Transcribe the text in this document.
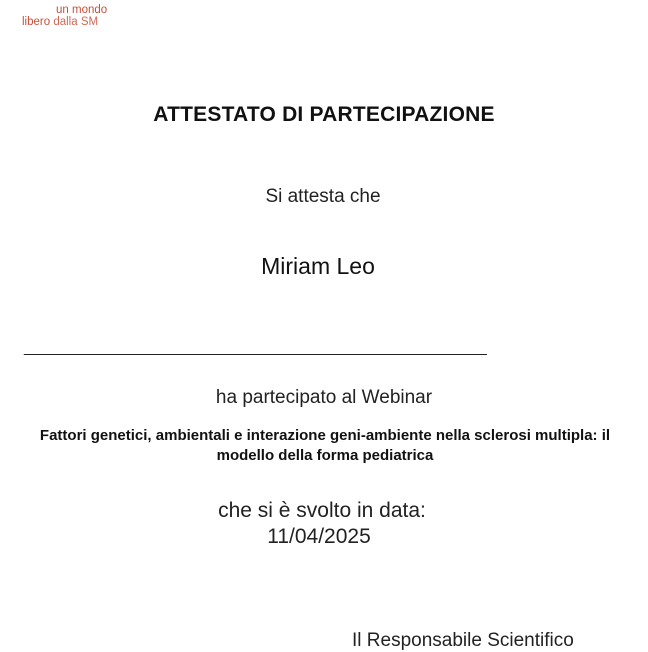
un mondo
libero dalla SM
ATTESTATO DI PARTECIPAZIONE
Si attesta che
Miriam Leo
____________________________________________________
ha partecipato al Webinar
Fattori genetici, ambientali e interazione geni-ambiente nella sclerosi multipla: il modello della forma pediatrica
che si è svolto in data:
11/04/2025
Il Responsabile Scientifico
